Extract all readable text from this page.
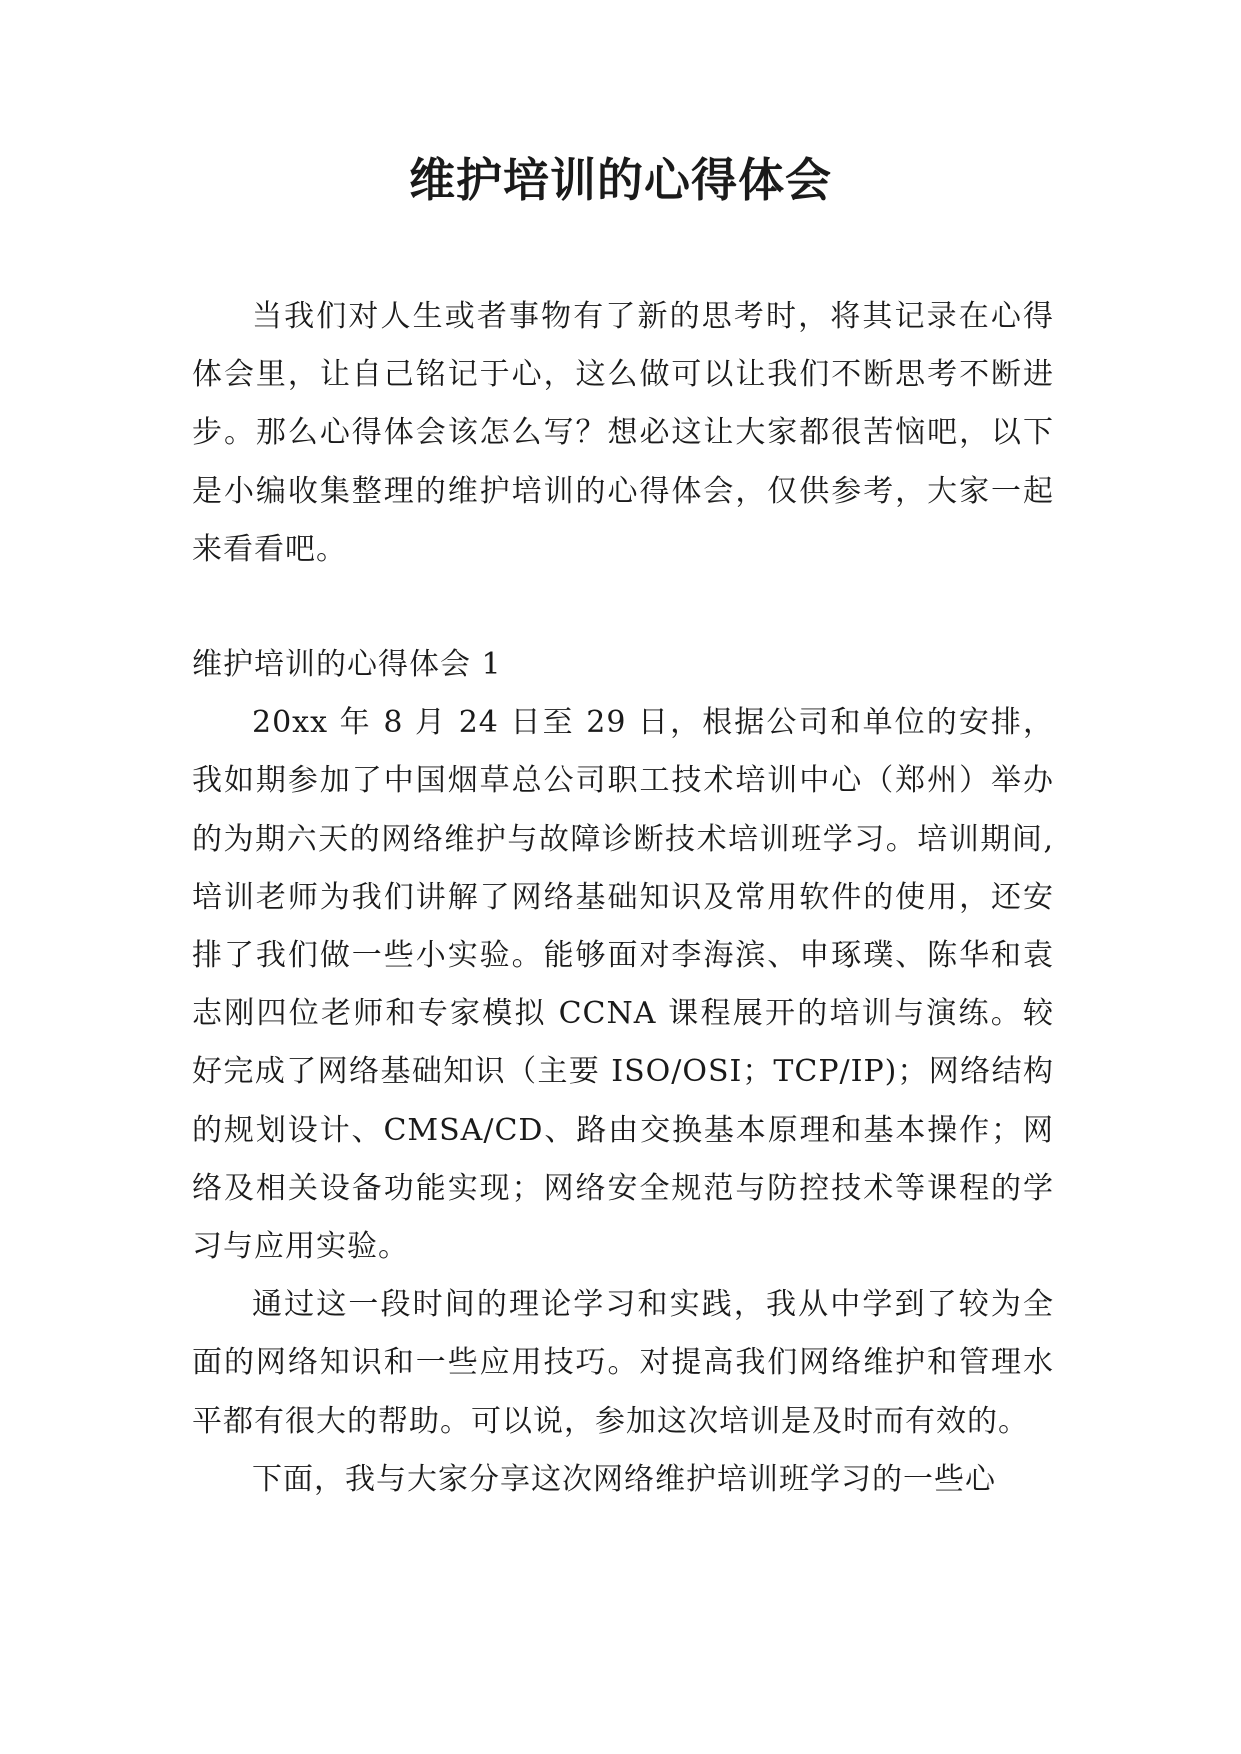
维护培训的心得体会

当我们对人生或者事物有了新的思考时，将其记录在心得体会里，让自己铭记于心，这么做可以让我们不断思考不断进步。那么心得体会该怎么写？想必这让大家都很苦恼吧，以下是小编收集整理的维护培训的心得体会，仅供参考，大家一起来看看吧。

维护培训的心得体会 1

20xx 年 8 月 24 日至 29 日，根据公司和单位的安排，我如期参加了中国烟草总公司职工技术培训中心（郑州）举办的为期六天的网络维护与故障诊断技术培训班学习。培训期间,培训老师为我们讲解了网络基础知识及常用软件的使用，还安排了我们做一些小实验。能够面对李海滨、申琢璞、陈华和袁志刚四位老师和专家模拟 CCNA 课程展开的培训与演练。较好完成了网络基础知识（主要 ISO/OSI；TCP/IP)；网络结构的规划设计、CMSA/CD、路由交换基本原理和基本操作；网络及相关设备功能实现；网络安全规范与防控技术等课程的学习与应用实验。

通过这一段时间的理论学习和实践，我从中学到了较为全面的网络知识和一些应用技巧。对提高我们网络维护和管理水平都有很大的帮助。可以说，参加这次培训是及时而有效的。

下面，我与大家分享这次网络维护培训班学习的一些心
